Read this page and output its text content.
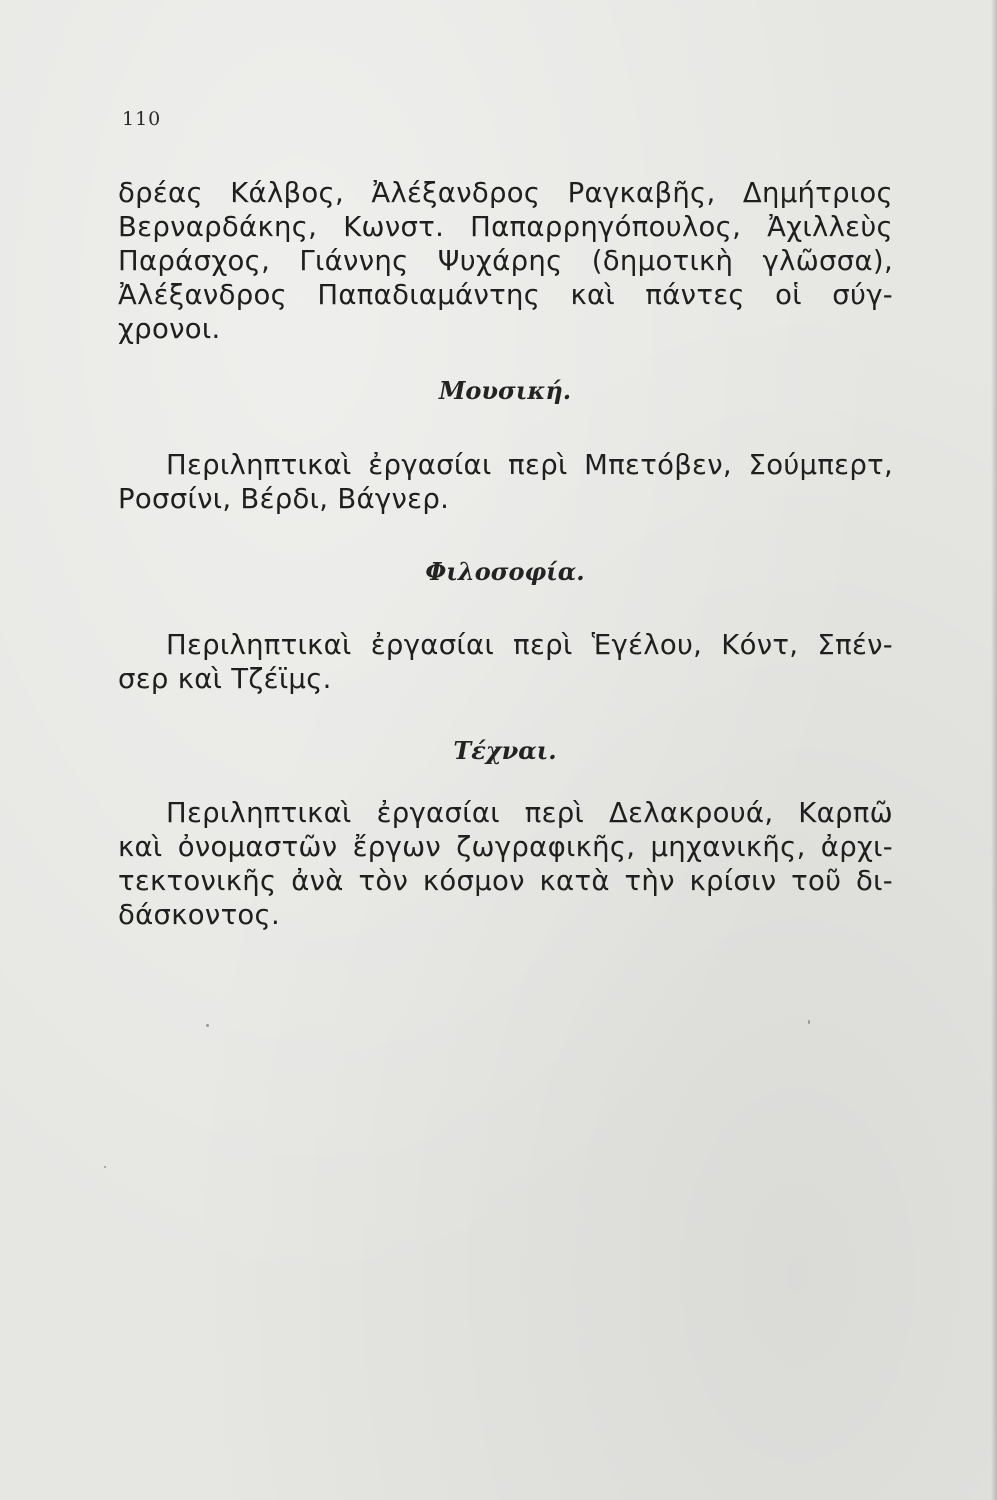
110

δρέας Κάλβος, Ἀλέξανδρος Ραγκαβῆς, Δημήτριος
Βερναρδάκης, Κωνστ. Παπαρρηγόπουλος, Ἀχιλλεὺς
Παράσχος, Γιάννης Ψυχάρης (δημοτικὴ γλῶσσα),
Ἀλέξανδρος Παπαδιαμάντης καὶ πάντες οἱ σύγ-
χρονοι.

Μουσική.

Περιληπτικαὶ ἐργασίαι περὶ Μπετόβεν, Σούμπερτ,
Ροσσίνι, Βέρδι, Βάγνερ.

Φιλοσοφία.

Περιληπτικαὶ ἐργασίαι περὶ Ἑγέλου, Κόντ, Σπέν-
σερ καὶ Τζέϊμς.

Τέχναι.

Περιληπτικαὶ ἐργασίαι περὶ Δελακρουά, Καρπῶ
καὶ ὀνομαστῶν ἔργων ζωγραφικῆς, μηχανικῆς, ἀρχι-
τεκτονικῆς ἀνὰ τὸν κόσμον κατὰ τὴν κρίσιν τοῦ δι-
δάσκοντος.
